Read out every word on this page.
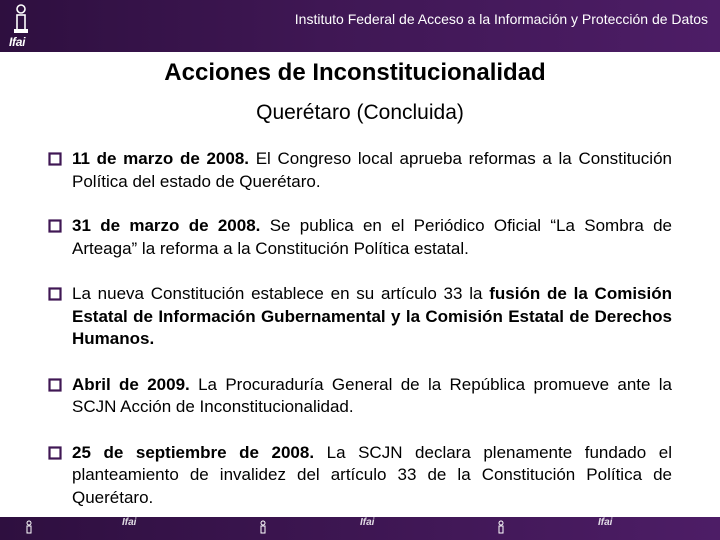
Ifai
Instituto Federal de Acceso a la Información y Protección de Datos
Acciones de Inconstitucionalidad
Querétaro (Concluida)
11 de marzo de 2008. El Congreso local aprueba reformas a la Constitución Política del estado de Querétaro.
31 de marzo de 2008. Se publica en el Periódico Oficial “La Sombra de Arteaga” la reforma a la Constitución Política estatal.
La nueva Constitución establece en su artículo 33 la fusión de la Comisión Estatal de Información Gubernamental y la Comisión Estatal de Derechos Humanos.
Abril de 2009. La Procuraduría General de la República promueve ante la SCJN Acción de Inconstitucionalidad.
25 de septiembre de 2008. La SCJN declara plenamente fundado el planteamiento de invalidez del artículo 33 de la Constitución Política de Querétaro.
Ifai	Ifai	Ifai
